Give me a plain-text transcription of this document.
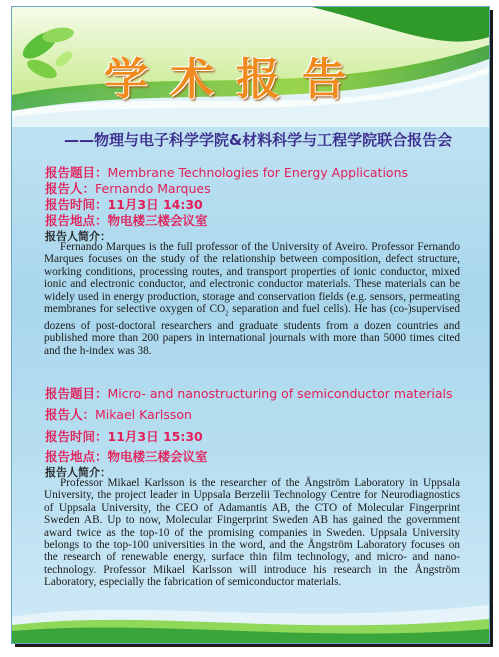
学术报告
——物理与电子科学学院&材料科学与工程学院联合报告会
报告题目：Membrane Technologies for Energy Applications
报告人：Fernando Marques
报告时间：11月3日 14:30
报告地点：物电楼三楼会议室
报告人简介：

Fernando Marques is the full professor of the University of Aveiro. Professor Fernando Marques focuses on the study of the relationship between composition, defect structure, working conditions, processing routes, and transport properties of ionic conductor, mixed ionic and electronic conductor, and electronic conductor materials. These materials can be widely used in energy production, storage and conservation fields (e.g. sensors, permeating membranes for selective oxygen of $CO_2$ separation and fuel cells). He has (co-)supervised dozens of post-doctoral researchers and graduate students from a dozen countries and published more than 200 papers in international journals with more than 5000 times cited and the h-index was 38.

报告题目：Micro- and nanostructuring of semiconductor materials
报告人：Mikael Karlsson
报告时间：11月3日 15:30
报告地点：物电楼三楼会议室
报告人简介：

Professor Mikael Karlsson is the researcher of the Ångström Laboratory in Uppsala University, the project leader in Uppsala Berzelii Technology Centre for Neurodiagnostics of Uppsala University, the CEO of Adamantis AB, the CTO of Molecular Fingerprint Sweden AB. Up to now, Molecular Fingerprint Sweden AB has gained the government award twice as the top-10 of the promising companies in Sweden. Uppsala University belongs to the top-100 universities in the word, and the Ångström Laboratory focuses on the research of renewable energy, surface thin film technology, and micro- and nano-technology. Professor Mikael Karlsson will introduce his research in the Ångström Laboratory, especially the fabrication of semiconductor materials.
